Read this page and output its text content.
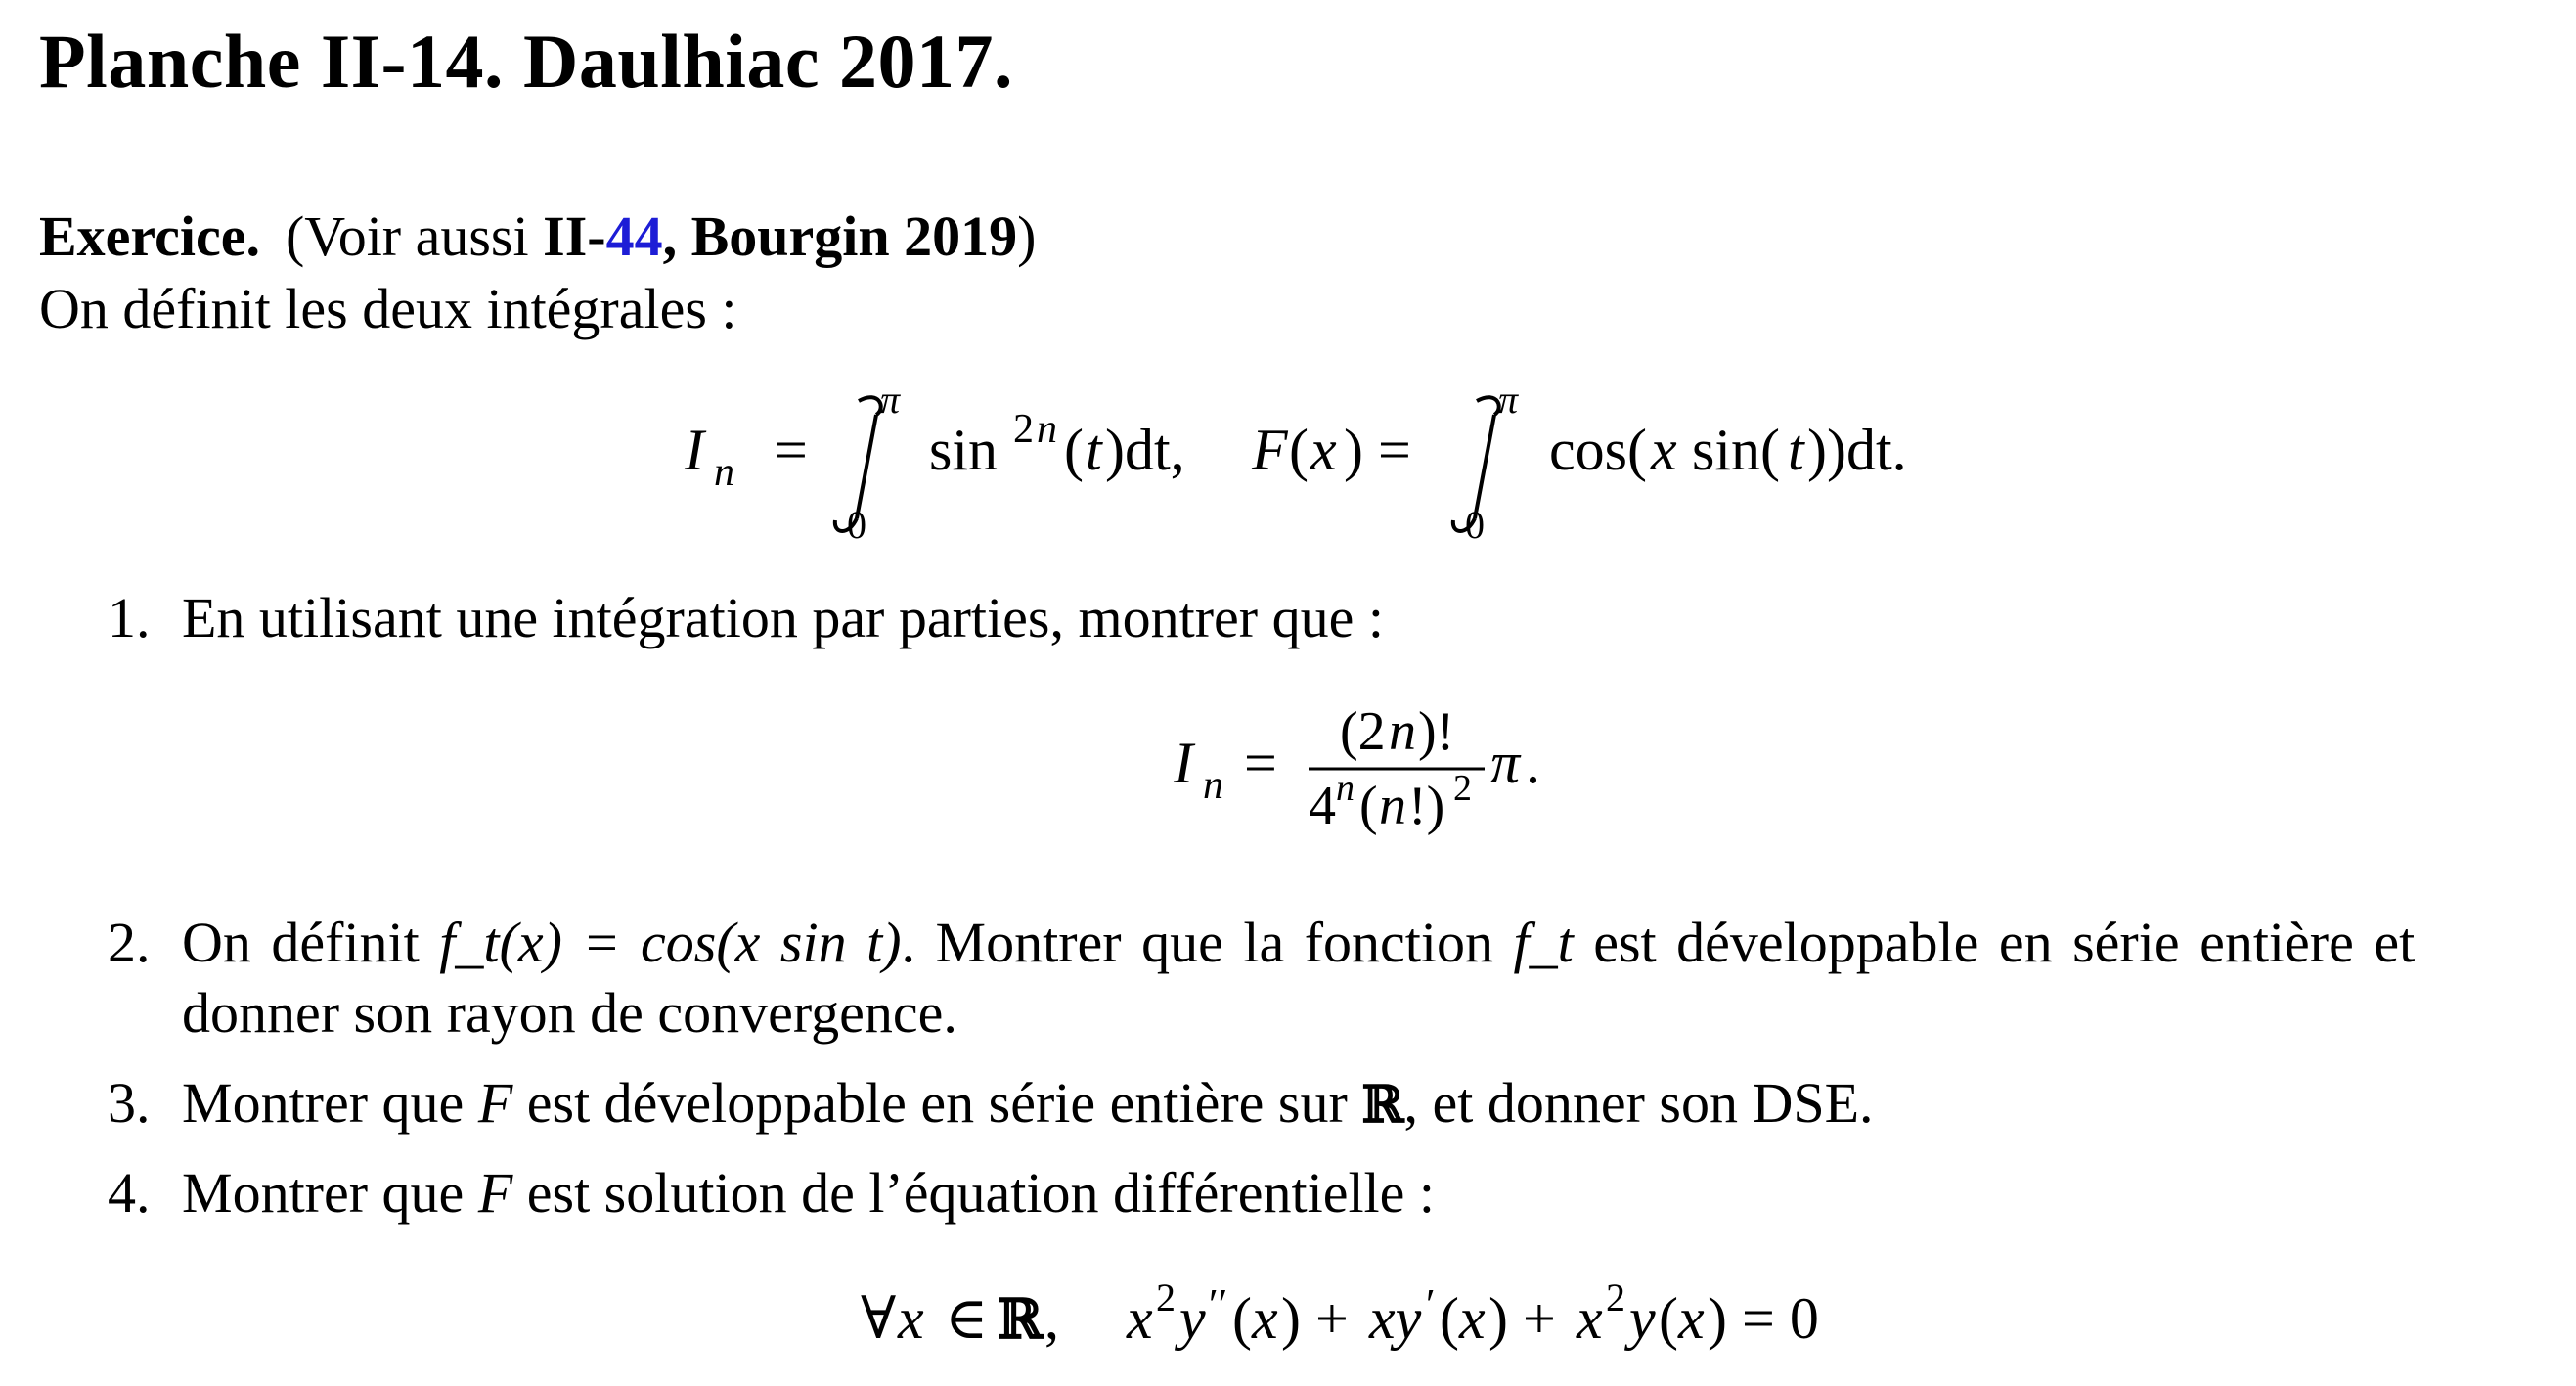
Planche II-14. Daulhiac 2017.
Exercice. (Voir aussi II-44, Bourgin 2019)
On définit les deux intégrales :
I n =
π
0
sin 2 n ( t )dt, F ( x ) =
π
0
cos( x sin( t ))dt.
1. En utilisant une intégration par parties, montrer que :
I n = (2 n )!
4 n ( n !) 2 π .
2. On définit f_t(x) = cos(x sin t). Montrer que la fonction f_t est développable en série entière et
donner son rayon de convergence.
3. Montrer que F est développable en série entière sur ℝ, et donner son DSE.
4. Montrer que F est solution de l’équation différentielle :
∀ x ∈ ℝ , x 2 y ′′ ( x ) + xy ′ ( x ) + x 2 y ( x ) = 0
